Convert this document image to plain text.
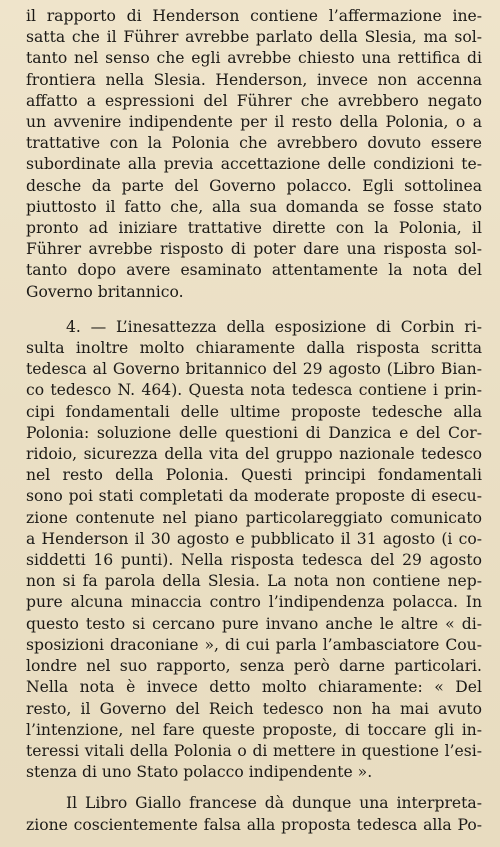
il rapporto di Henderson contiene l’affermazione ine-
satta che il Führer avrebbe parlato della Slesia, ma sol-
tanto nel senso che egli avrebbe chiesto una rettifica di
frontiera nella Slesia. Henderson, invece non accenna
affatto a espressioni del Führer che avrebbero negato
un avvenire indipendente per il resto della Polonia, o a
trattative con la Polonia che avrebbero dovuto essere
subordinate alla previa accettazione delle condizioni te-
desche da parte del Governo polacco. Egli sottolinea
piuttosto il fatto che, alla sua domanda se fosse stato
pronto ad iniziare trattative dirette con la Polonia, il
Führer avrebbe risposto di poter dare una risposta sol-
tanto dopo avere esaminato attentamente la nota del
Governo britannico.
4. — L’inesattezza della esposizione di Corbin ri-
sulta inoltre molto chiaramente dalla risposta scritta
tedesca al Governo britannico del 29 agosto (Libro Bian-
co tedesco N. 464). Questa nota tedesca contiene i prin-
cipi fondamentali delle ultime proposte tedesche alla
Polonia: soluzione delle questioni di Danzica e del Cor-
ridoio, sicurezza della vita del gruppo nazionale tedesco
nel resto della Polonia. Questi principi fondamentali
sono poi stati completati da moderate proposte di esecu-
zione contenute nel piano particolareggiato comunicato
a Henderson il 30 agosto e pubblicato il 31 agosto (i co-
siddetti 16 punti). Nella risposta tedesca del 29 agosto
non si fa parola della Slesia. La nota non contiene nep-
pure alcuna minaccia contro l’indipendenza polacca. In
questo testo si cercano pure invano anche le altre « di-
sposizioni draconiane », di cui parla l’ambasciatore Cou-
londre nel suo rapporto, senza però darne particolari.
Nella nota è invece detto molto chiaramente: « Del
resto, il Governo del Reich tedesco non ha mai avuto
l’intenzione, nel fare queste proposte, di toccare gli in-
teressi vitali della Polonia o di mettere in questione l’esi-
stenza di uno Stato polacco indipendente ».
Il Libro Giallo francese dà dunque una interpreta-
zione coscientemente falsa alla proposta tedesca alla Po-
